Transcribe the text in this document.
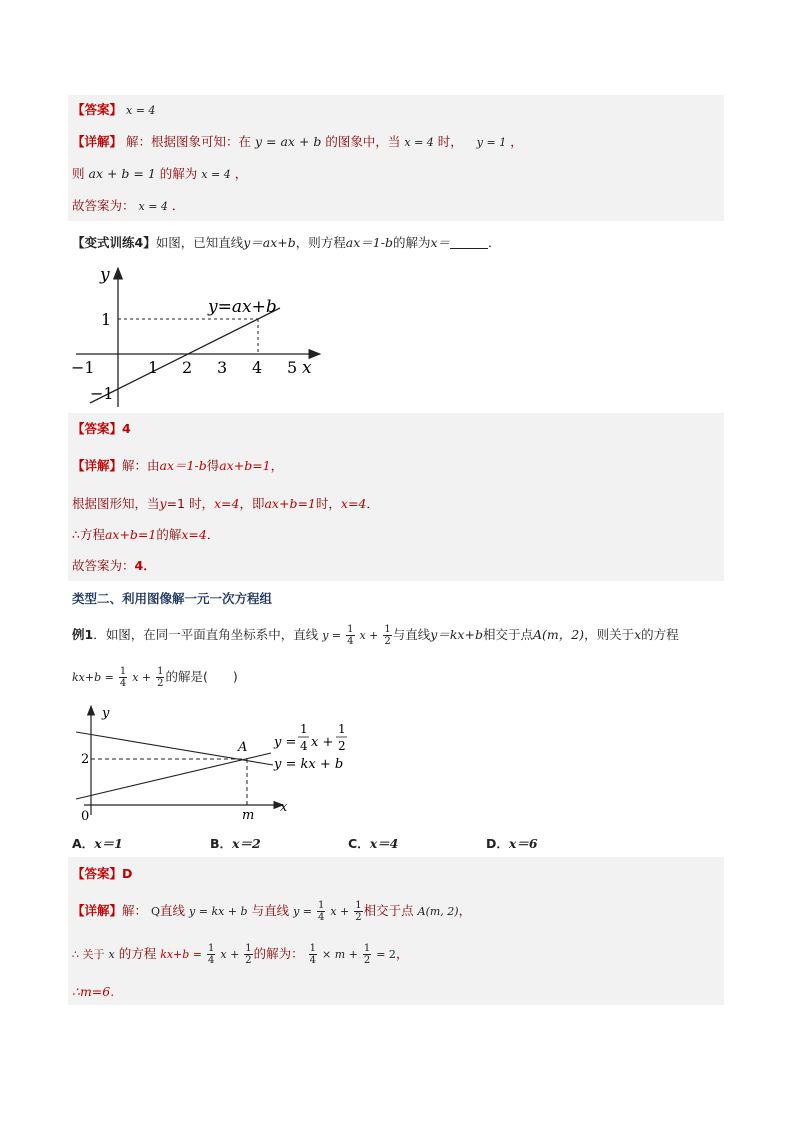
【答案】 x = 4
【详解】 解：根据图象可知：在 y = ax + b 的图象中，当 x = 4 时， y = 1 ，
则 ax + b = 1 的解为 x = 4 ，
故答案为： x = 4 ．
【变式训练4】如图，已知直线y＝ax+b，则方程ax＝1-b的解为x＝	．
y
x
y=ax+b
−1	1 2 3 4 5
1
−1
【答案】4
【详解】解：由ax＝1-b得ax+b=1，
根据图形知，当y=1 时，x=4，即ax+b=1时，x=4．
∴方程ax+b=1的解x=4．
故答案为：4．
类型二、利用图像解一元一次方程组
例1．如图，在同一平面直角坐标系中，直线 $y = \frac{1}{4}$ $x + \frac{1}{2}$ 与直线y＝kx+b相交于点A(m，2)，则关于x的方程
$kx+b = \frac{1}{4}$ $x + \frac{1}{2}$ 的解是(　　)
y
x
0
2
m
A y =
1
4 x +
1
2
y = kx + b
A．x＝1	B．x＝2	C．x＝4	D．x＝6
【答案】D
【详解】解： Q直线 y = kx + b 与直线 $y = \frac{1}{4}$ $x + \frac{1}{2}$ 相交于点 A(m, 2)，
∴ 关于 x 的方程 $kx+b = \frac{1}{4}$ $x + \frac{1}{2}$ 的解为： $\frac{1}{4} \times m + \frac{1}{2} = 2$，
∴m=6.
